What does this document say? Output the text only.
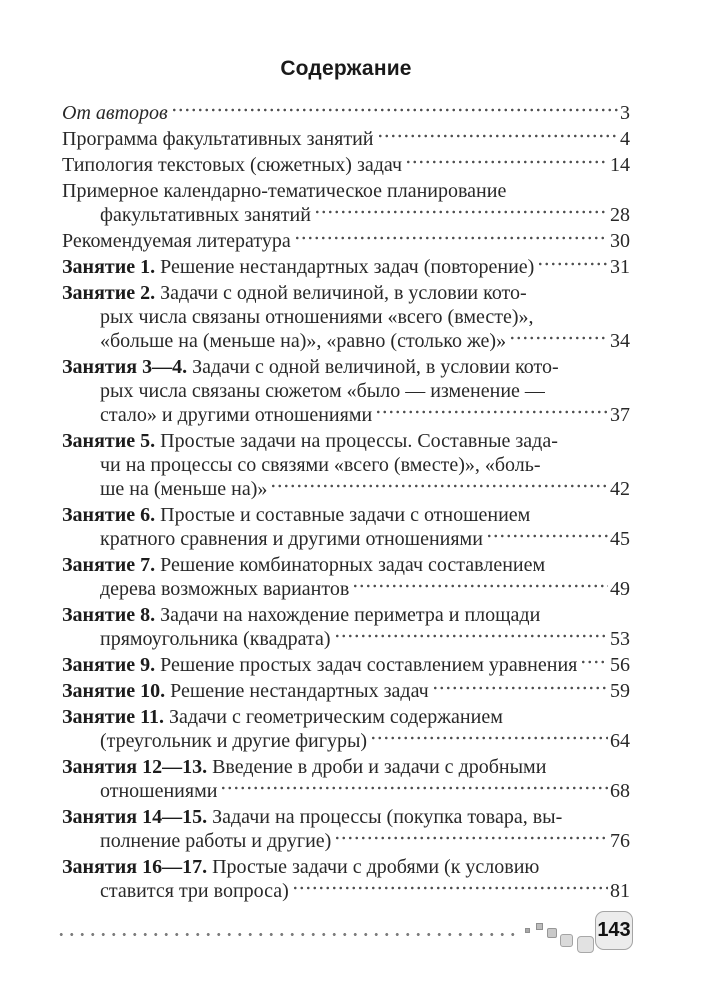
Содержание
От авторов	3
Программа факультативных занятий	4
Типология текстовых (сюжетных) задач	14
Примерное календарно-тематическое планирование
факультативных занятий	28
Рекомендуемая литература	30
Занятие 1. Решение нестандартных задач (повторение)	31
Занятие 2. Задачи с одной величиной, в условии кото-
рых числа связаны отношениями «всего (вместе)»,
«больше на (меньше на)», «равно (столько же)»	34
Занятия 3—4. Задачи с одной величиной, в условии кото-
рых числа связаны сюжетом «было — изменение —
стало» и другими отношениями	37
Занятие 5. Простые задачи на процессы. Составные зада-
чи на процессы со связями «всего (вместе)», «боль-
ше на (меньше на)»	42
Занятие 6. Простые и составные задачи с отношением
кратного сравнения и другими отношениями	45
Занятие 7. Решение комбинаторных задач составлением
дерева возможных вариантов	49
Занятие 8. Задачи на нахождение периметра и площади
прямоугольника (квадрата)	53
Занятие 9. Решение простых задач составлением уравнения 56
Занятие 10. Решение нестандартных задач	59
Занятие 11. Задачи с геометрическим содержанием
(треугольник и другие фигуры)	64
Занятия 12—13. Введение в дроби и задачи с дробными
отношениями	68
Занятия 14—15. Задачи на процессы (покупка товара, вы-
полнение работы и другие)	76
Занятия 16—17. Простые задачи с дробями (к условию
ставится три вопроса)	81
143
